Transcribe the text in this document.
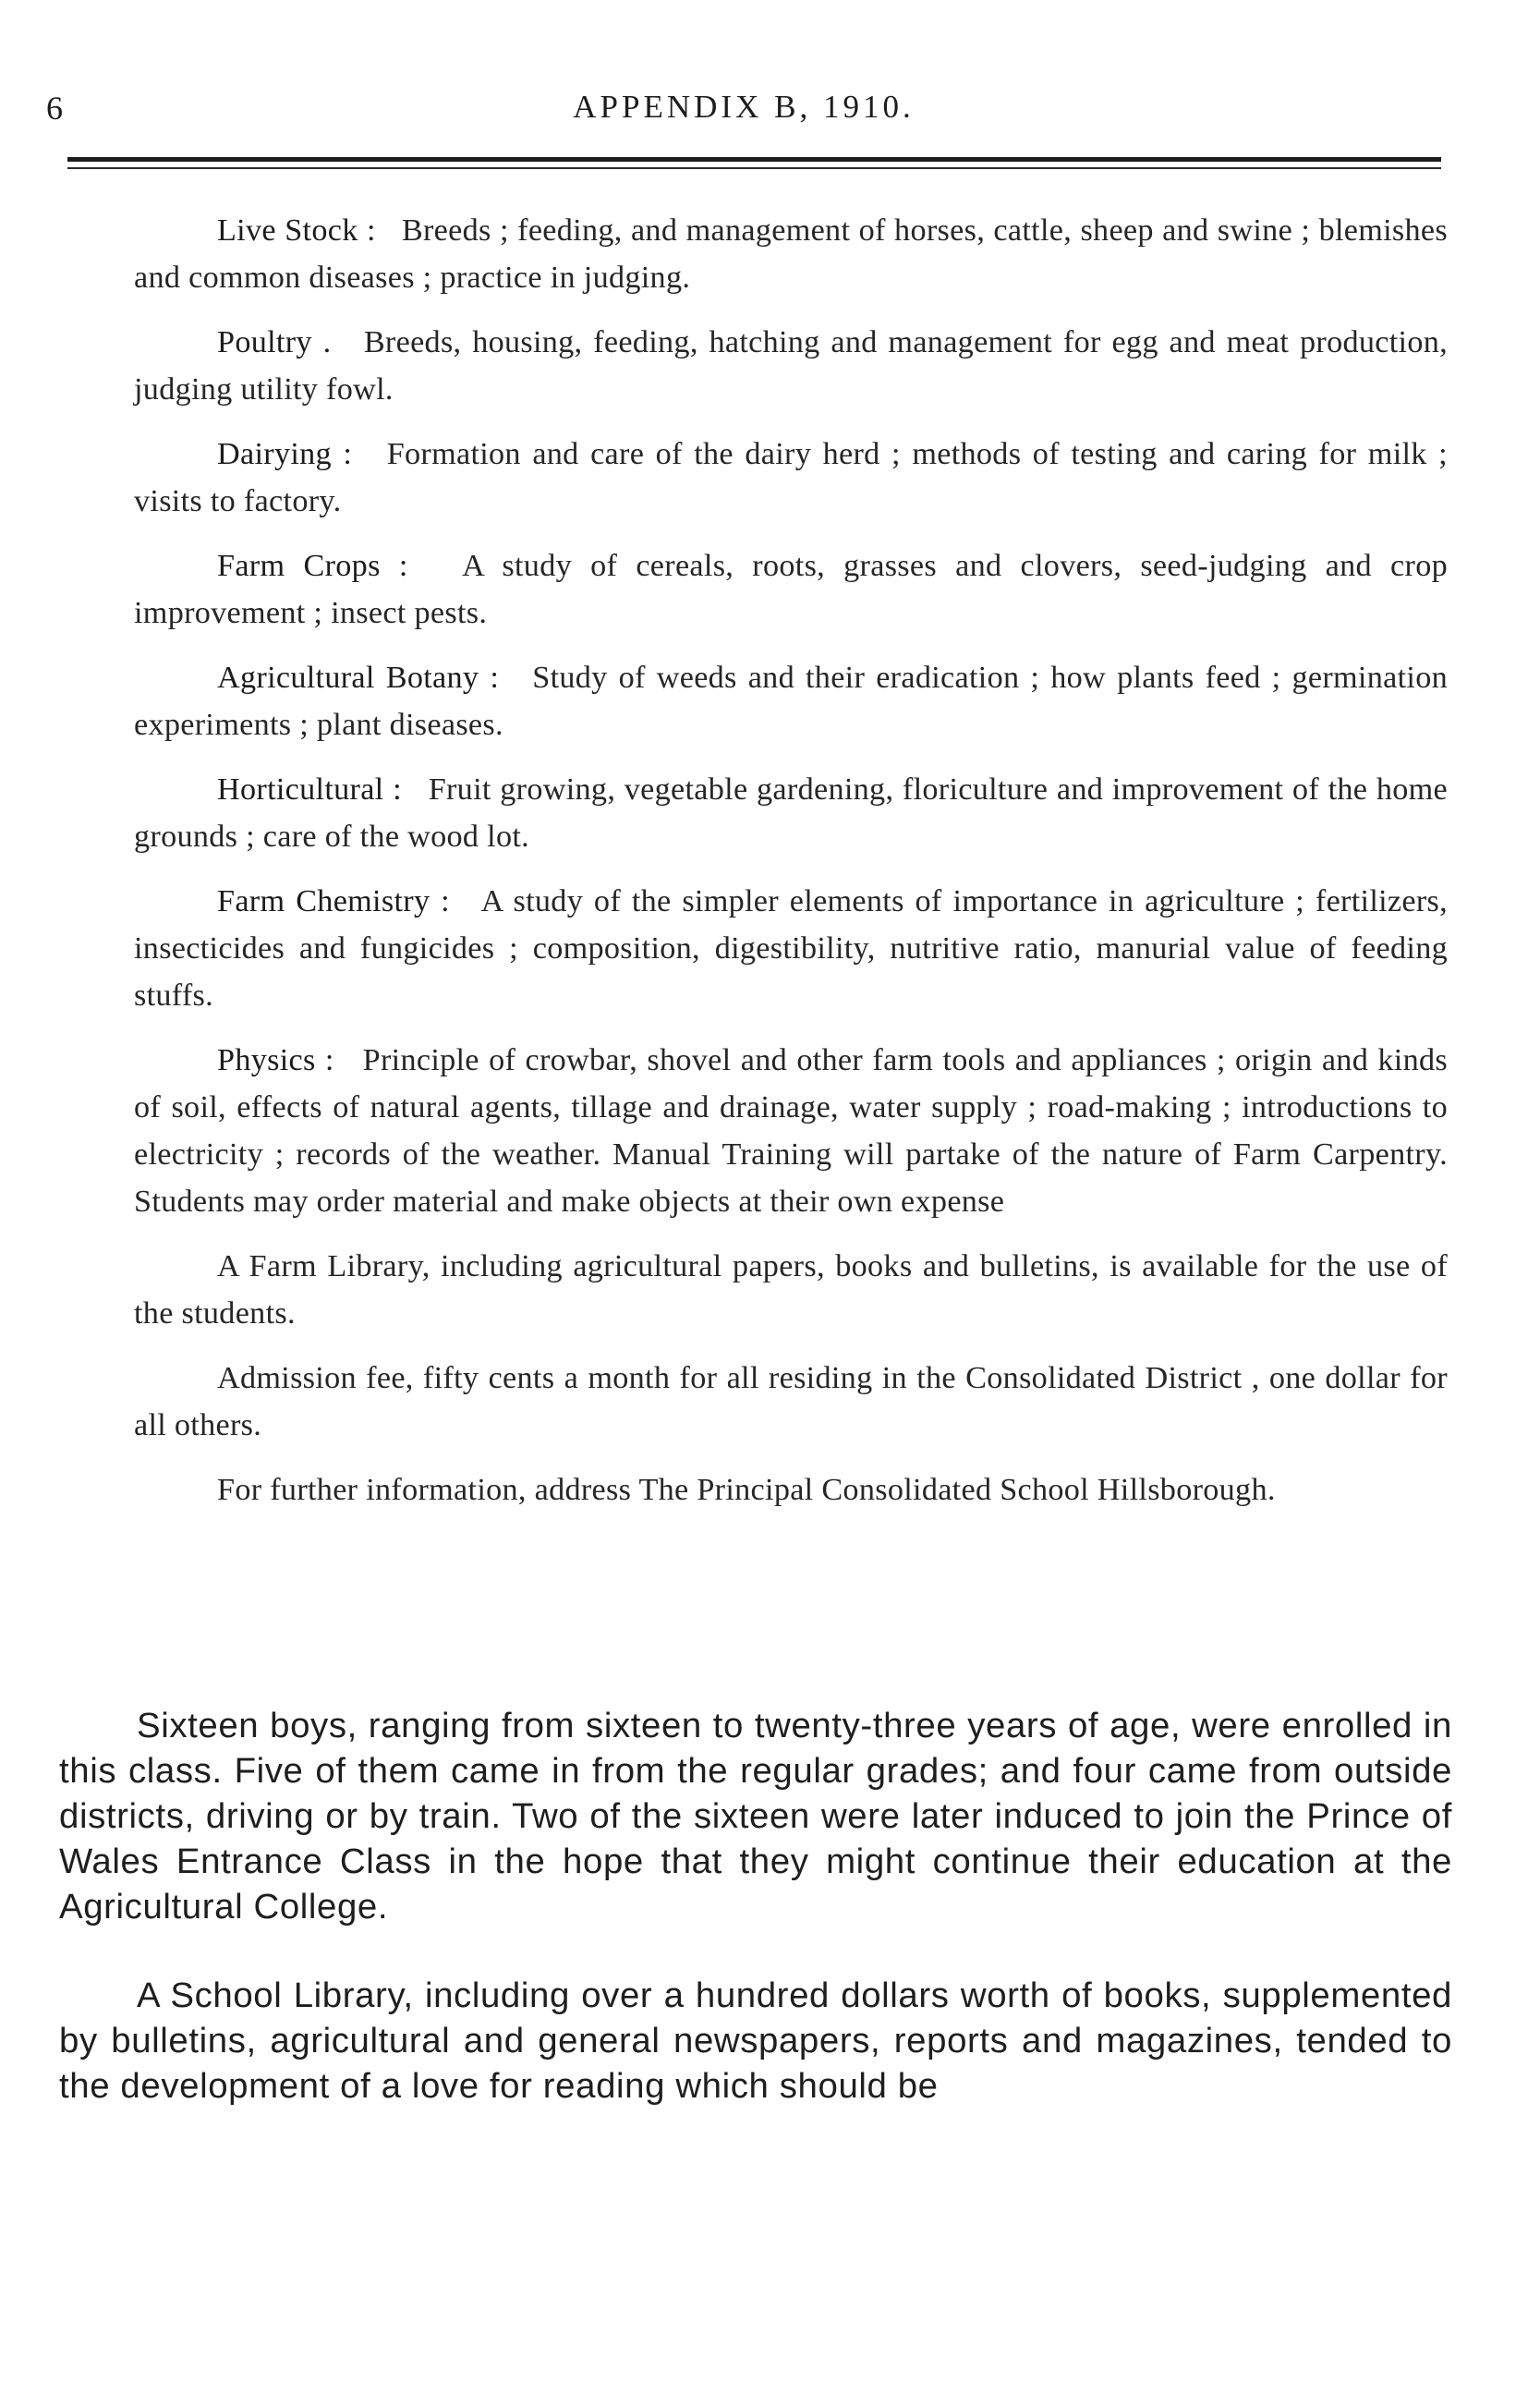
6	APPENDIX B, 1910.

Live Stock : Breeds ; feeding, and management of horses, cattle, sheep and swine ; blemishes and common diseases ; practice in judging.

Poultry . Breeds, housing, feeding, hatching and management for egg and meat production, judging utility fowl.

Dairying : Formation and care of the dairy herd ; methods of testing and caring for milk ; visits to factory.

Farm Crops : A study of cereals, roots, grasses and clovers, seed-judging and crop improvement ; insect pests.

Agricultural Botany : Study of weeds and their eradication ; how plants feed ; germination experiments ; plant diseases.

Horticultural : Fruit growing, vegetable gardening, floriculture and improvement of the home grounds ; care of the wood lot.

Farm Chemistry : A study of the simpler elements of importance in agriculture ; fertilizers, insecticides and fungicides ; composition, digestibility, nutritive ratio, manurial value of feeding stuffs.

Physics : Principle of crowbar, shovel and other farm tools and appliances ; origin and kinds of soil, effects of natural agents, tillage and drainage, water supply ; road-making ; introductions to electricity ; records of the weather. Manual Training will partake of the nature of Farm Carpentry. Students may order material and make objects at their own expense

A Farm Library, including agricultural papers, books and bulletins, is available for the use of the students.

Admission fee, fifty cents a month for all residing in the Consolidated District , one dollar for all others.

For further information, address The Principal Consolidated School Hillsborough.

Sixteen boys, ranging from sixteen to twenty-three years of age, were enrolled in this class. Five of them came in from the regular grades; and four came from outside districts, driving or by train. Two of the sixteen were later induced to join the Prince of Wales Entrance Class in the hope that they might continue their education at the Agricultural College.

A School Library, including over a hundred dollars worth of books, supplemented by bulletins, agricultural and general newspapers, reports and magazines, tended to the development of a love for reading which should be
